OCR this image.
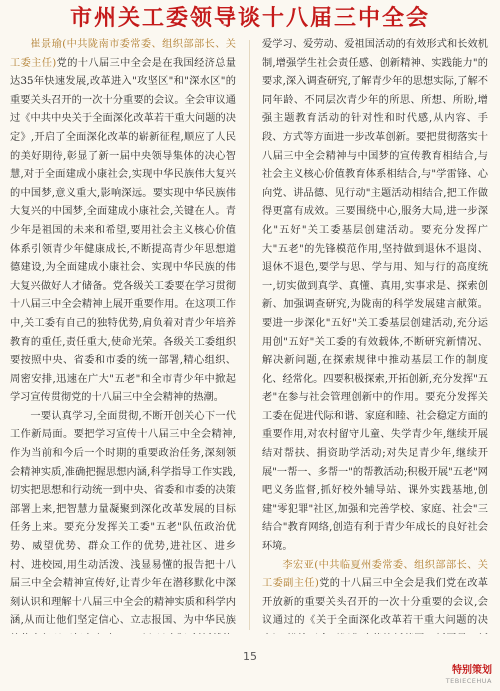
市州关工委领导谈十八届三中全会

崔景瑜(中共陇南市委常委、组织部部长、关工委主任)党的十八届三中全会是在我国经济总量达35年快速发展,改革进入"攻坚区"和"深水区"的重要关头召开的一次十分重要的会议。全会审议通过《中共中央关于全面深化改革若干重大问题的决定》,开启了全面深化改革的崭新征程,顺应了人民的美好期待,彰显了新一届中央领导集体的决心智慧,对于全面建成小康社会,实现中华民族伟大复兴的中国梦,意义重大,影响深远。要实现中华民族伟大复兴的中国梦,全面建成小康社会,关键在人。青少年是祖国的未来和希望,要用社会主义核心价值体系引领青少年健康成长,不断提高青少年思想道德建设,为全面建成小康社会、实现中华民族的伟大复兴做好人才储备。党各级关工委要在学习贯彻十八届三中全会精神上展开重要作用。在这项工作中,关工委有自己的独特优势,肩负着对青少年培养教育的重任,责任重大,使命光荣。各级关工委组织要按照中央、省委和市委的统一部署,精心组织、周密安排,迅速在广大"五老"和全市青少年中掀起学习宣传贯彻党的十八届三中全会精神的热潮。

一要认真学习,全面贯彻,不断开创关心下一代工作新局面。要把学习宣传十八届三中全会精神,作为当前和今后一个时期的重要政治任务,深刻领会精神实质,准确把握思想内涵,科学指导工作实践,切实把思想和行动统一到中央、省委和市委的决策部署上来,把智慧力量凝聚到深化改革发展的目标任务上来。要充分发挥关工委"五老"队伍政治优势、威望优势、群众工作的优势,进社区、进乡村、进校园,用生动活泼、浅显易懂的报告把十八届三中全会精神宣传好,让青少年在潜移默化中深刻认识和理解十八届三中全会的精神实质和科学内涵,从而让他们坚定信心、立志报国、为中华民族

爱学习、爱劳动、爱祖国活动的有效形式和长效机制,增强学生社会责任感、创新精神、实践能力"的要求,深入调查研究,了解青少年的思想实际,了解不同年龄、不同层次青少年的所思、所想、所盼,增强主题教育活动的针对性和时代感,从内容、手段、方式等方面进一步改革创新。要把贯彻落实十八届三中全会精神与中国梦的宣传教育相结合,与社会主义核心价值教育体系相结合,与"学雷锋、心向党、讲品德、见行动"主题活动相结合,把工作做得更富有成效。三要围绕中心,服务大局,进一步深化"五好"关工委基层创建活动。要充分发挥广大"五老"的先锋模范作用,坚持做到退休不退岗、退休不退色,要学与思、学与用、知与行的高度统一,切实做到真学、真懂、真用,实事求是、探索创新、加强调查研究,为陇南的科学发展建言献策。要进一步深化"五好"关工委基层创建活动,充分运用创"五好"关工委的有效载体,不断研究新情况、解决新问题,在探索规律中推动基层工作的制度化、经常化。四要积极探索,开拓创新,充分发挥"五老"在参与社会管理创新中的作用。要充分发挥关工委在促进代际和谐、家庭和睦、社会稳定方面的重要作用,对农村留守儿童、失学青少年,继续开展结对帮扶、捐资助学活动;对失足青少年,继续开展"一帮一、多帮一"的帮教活动;积极开展"五老"网吧义务监督,抓好校外辅导站、课外实践基地,创建"零犯罪"社区,加强和完善学校、家庭、社会"三结合"教育网络,创造有利于青少年成长的良好社会环境。

李宏亚(中共临夏州委常委、组织部部长、关工委副主任)党的十八届三中全会是我们党在改革开放新的重要关头召开的一次十分重要的会议,会议通过的《关于全面深化改革若干重大问题的决

15
特别策划
TEBIECEHUA
